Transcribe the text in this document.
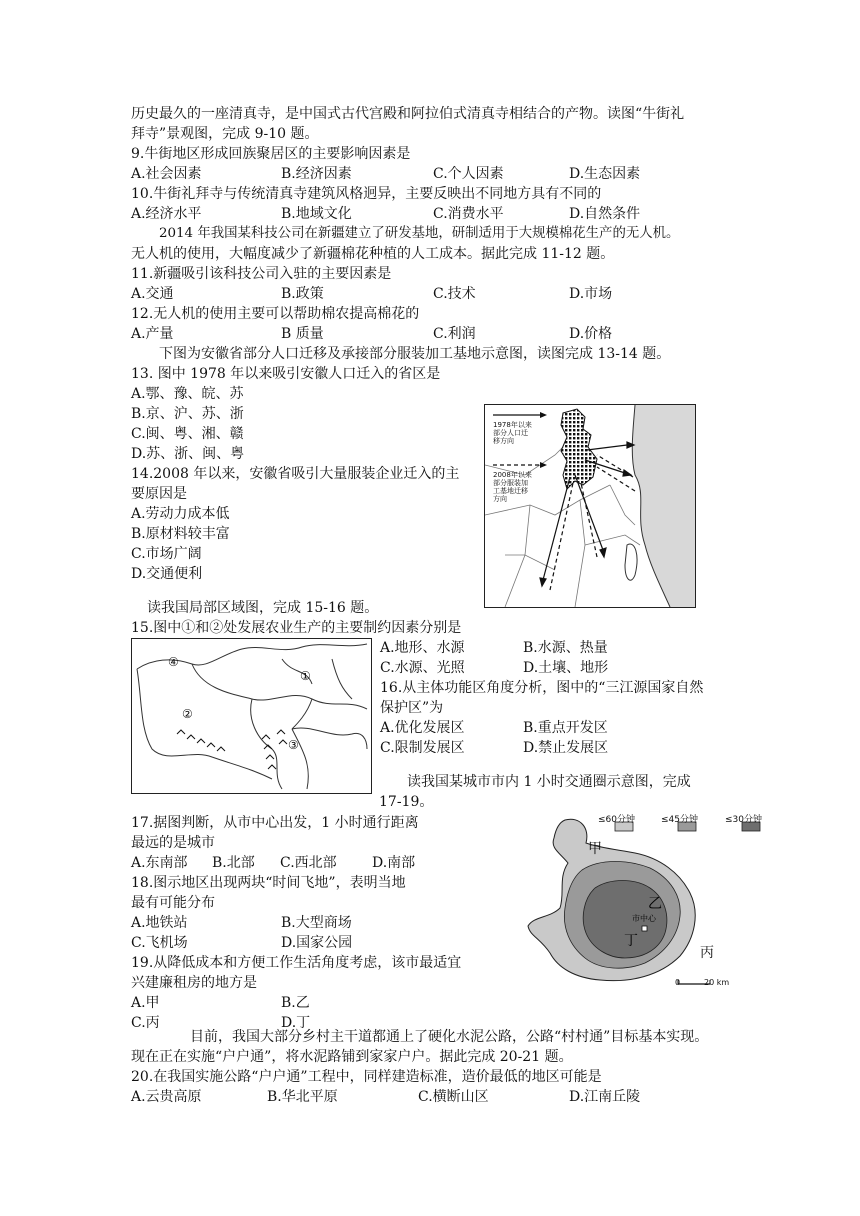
历史最久的一座清真寺，是中国式古代宫殿和阿拉伯式清真寺相结合的产物。读图“牛街礼
拜寺”景观图，完成 9-10 题。
9.牛街地区形成回族聚居区的主要影响因素是
A.社会因素	B.经济因素	C.个人因素	D.生态因素
10.牛街礼拜寺与传统清真寺建筑风格迥异，主要反映出不同地方具有不同的
A.经济水平	B.地域文化	C.消费水平	D.自然条件
2014 年我国某科技公司在新疆建立了研发基地，研制适用于大规模棉花生产的无人机。
无人机的使用，大幅度减少了新疆棉花种植的人工成本。据此完成 11-12 题。
11.新疆吸引该科技公司入驻的主要因素是
A.交通	B.政策	C.技术	D.市场
12.无人机的使用主要可以帮助棉农提高棉花的
A.产量	B 质量	C.利润	D.价格
下图为安徽省部分人口迁移及承接部分服装加工基地示意图，读图完成 13-14 题。
13. 图中 1978 年以来吸引安徽人口迁入的省区是
A.鄂、豫、皖、苏
B.京、沪、苏、浙
C.闽、粤、湘、赣
D.苏、浙、闽、粤
14.2008 年以来，安徽省吸引大量服装企业迁入的主
要原因是
A.劳动力成本低
B.原材料较丰富
C.市场广阔
D.交通便利
1978年以来
部分人口迁
移方向
2008年以来
部分服装加
工基地迁移
方向
读我国局部区域图，完成 15-16 题。
15.图中①和②处发展农业生产的主要制约因素分别是
A.地形、水源	B.水源、热量
C.水源、光照	D.土壤、地形
16.从主体功能区角度分析，图中的“三江源国家自然
保护区”为
A.优化发展区	B.重点开发区
C.限制发展区	D.禁止发展区
④
①
②
③
读我国某城市市内 1 小时交通圈示意图，完成
17-19。
17.据图判断，从市中心出发，1 小时通行距离
最远的是城市
A.东南部 B.北部 C.西北部	D.南部
18.图示地区出现两块“时间飞地”，表明当地
最有可能分布
A.地铁站	B.大型商场
C.飞机场	D.国家公园
19.从降低成本和方便工作生活角度考虑，该市最适宜
兴建廉租房的地方是
A.甲	B.乙
C.丙	D.丁
≤60分钟	≤45分钟	≤30分钟
甲
乙
丙
丁
市中心
0	20 km
目前，我国大部分乡村主干道都通上了硬化水泥公路，公路“村村通”目标基本实现。
现在正在实施“户户通”，将水泥路铺到家家户户。据此完成 20-21 题。
20.在我国实施公路“户户通”工程中，同样建造标准，造价最低的地区可能是
A.云贵高原	B.华北平原	C.横断山区	D.江南丘陵
